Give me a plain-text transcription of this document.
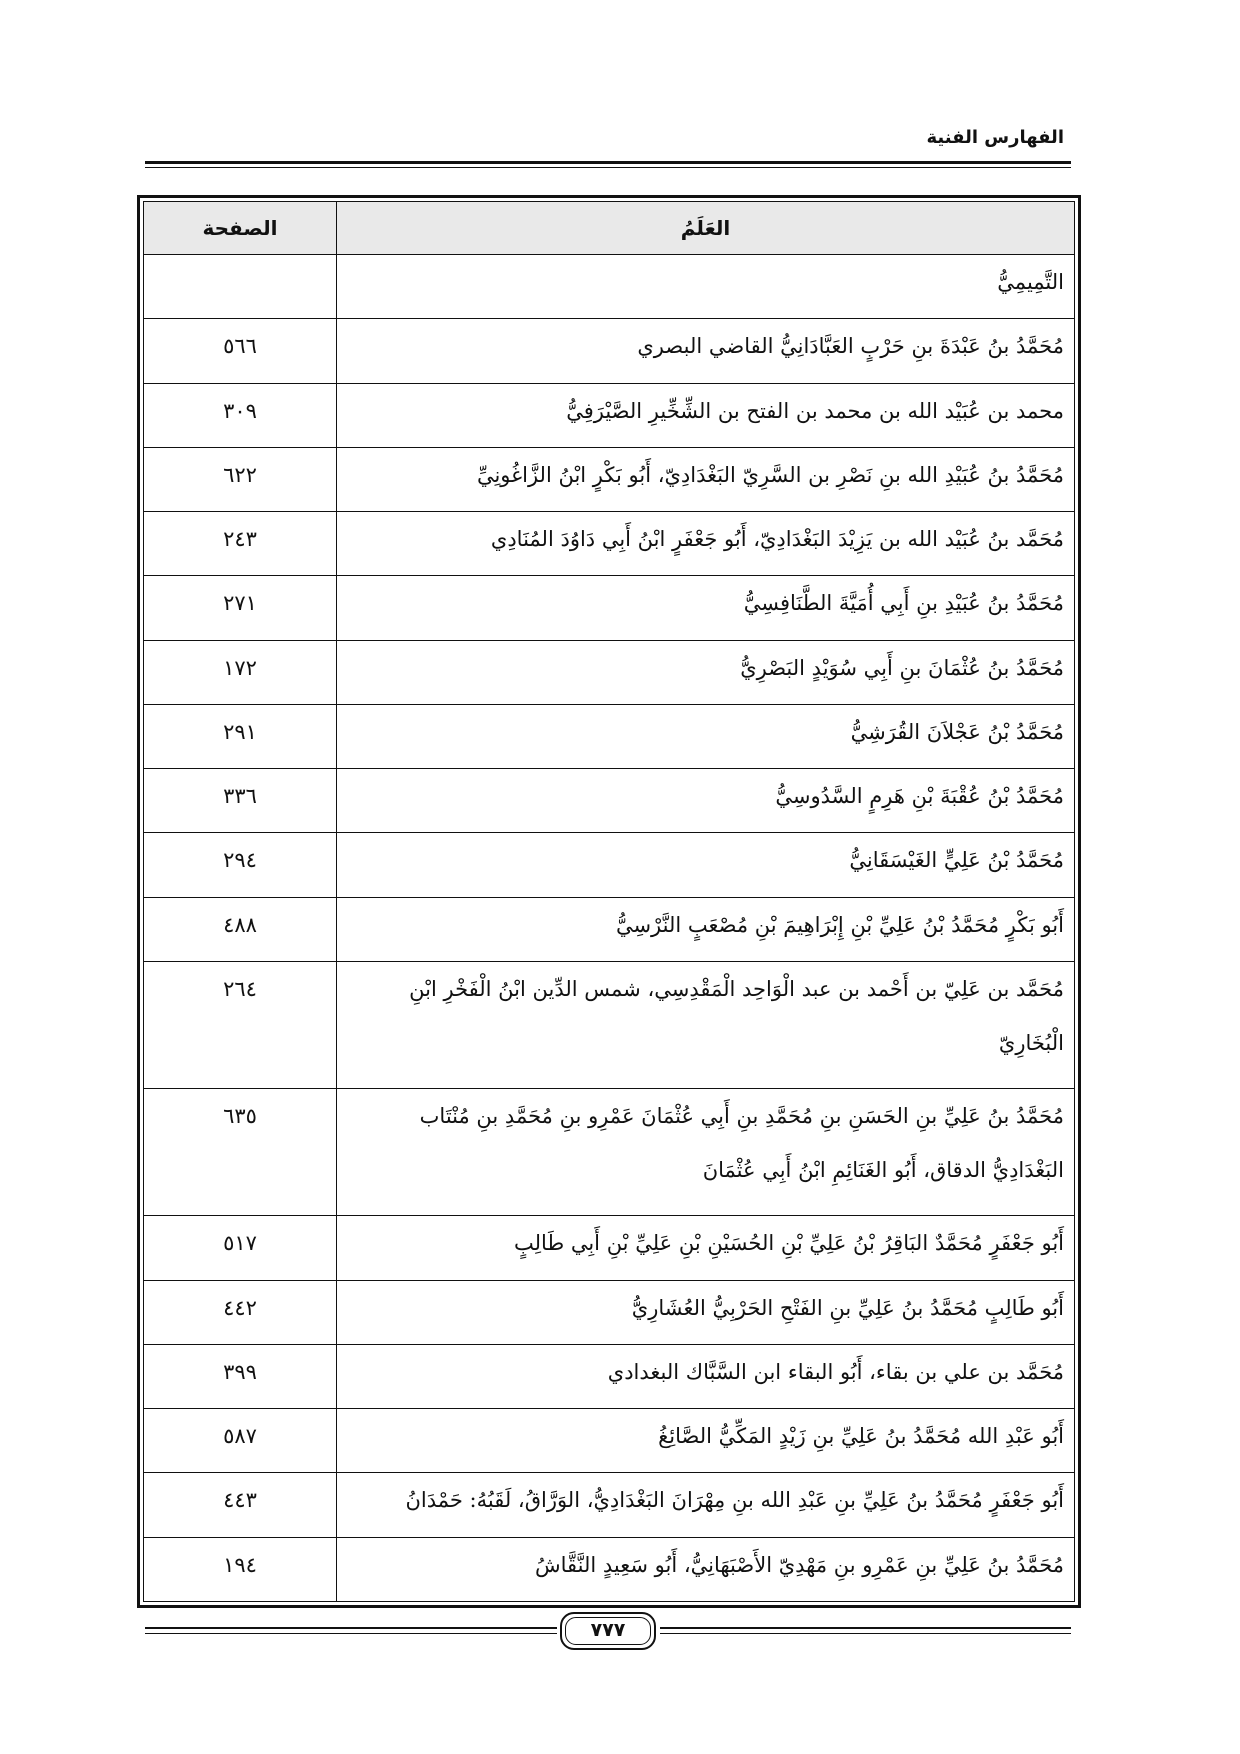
الفهارس الفنية
العَلَمُ	الصفحة
التَّمِيمِيُّ	
مُحَمَّدُ بنُ عَبْدَةَ بنِ حَرْبٍ العَبَّادَانِيُّ القاضي البصري	٥٦٦
محمد بن عُبَيْد الله بن محمد بن الفتح بن الشِّخِّيرِ الصَّيْرَفِيُّ	٣٠٩
مُحَمَّدُ بنُ عُبَيْدِ الله بنِ نَصْرِ بن السَّرِيّ البَغْدَادِيّ، أَبُو بَكْرٍ ابْنُ الزَّاغُونِيِّ	٦٢٢
مُحَمَّد بنُ عُبَيْد الله بن يَزِيْدَ البَغْدَادِيّ، أَبُو جَعْفَرٍ ابْنُ أَبِي دَاوُدَ المُنَادِي	٢٤٣
مُحَمَّدُ بنُ عُبَيْدِ بنِ أَبِي أُمَيَّةَ الطَّنَافِسِيُّ	٢٧١
مُحَمَّدُ بنُ عُثْمَانَ بنِ أَبِي سُوَيْدٍ البَصْرِيُّ	١٧٢
مُحَمَّدُ بْنُ عَجْلاَنَ القُرَشِيُّ	٢٩١
مُحَمَّدُ بْنُ عُقْبَةَ بْنِ هَرِمٍ السَّدُوسِيُّ	٣٣٦
مُحَمَّدُ بْنُ عَلِيٍّ الغَيْسَقَانِيُّ	٢٩٤
أَبُو بَكْرٍ مُحَمَّدُ بْنُ عَلِيِّ بْنِ إِبْرَاهِيمَ بْنِ مُصْعَبٍ النَّرْسِيُّ	٤٨٨
مُحَمَّد بن عَلِيّ بن أَحْمد بن عبد الْوَاحِد الْمَقْدِسِي، شمس الدِّين ابْنُ الْفَخْرِ ابْنِ الْبُخَارِيّ	٢٦٤
مُحَمَّدُ بنُ عَلِيِّ بنِ الحَسَنِ بنِ مُحَمَّدِ بنِ أَبِي عُثْمَانَ عَمْرِو بنِ مُحَمَّدِ بنِ مُنْتَاب البَغْدَادِيُّ الدقاق، أَبُو الغَنَائِمِ ابْنُ أَبِي عُثْمَانَ	٦٣٥
أَبُو جَعْفَرٍ مُحَمَّدٌ البَاقِرُ بْنُ عَلِيِّ بْنِ الحُسَيْنِ بْنِ عَلِيِّ بْنِ أَبِي طَالِبٍ	٥١٧
أَبُو طَالِبٍ مُحَمَّدُ بنُ عَلِيِّ بنِ الفَتْحِ الحَرْبِيُّ العُشَارِيُّ	٤٤٢
مُحَمَّد بن علي بن بقاء، أَبُو البقاء ابن السَّبَّاك البغدادي	٣٩٩
أَبُو عَبْدِ الله مُحَمَّدُ بنُ عَلِيِّ بنِ زَيْدٍ المَكِّيُّ الصَّائِغُ	٥٨٧
أَبُو جَعْفَرٍ مُحَمَّدُ بنُ عَلِيِّ بنِ عَبْدِ الله بنِ مِهْرَانَ البَغْدَادِيُّ، الوَرَّاقُ، لَقَبُهُ: حَمْدَانُ	٤٤٣
مُحَمَّدُ بنُ عَلِيِّ بنِ عَمْرِو بنِ مَهْدِيّ الأَصْبَهَانِيُّ، أَبُو سَعِيدٍ النَّقَّاشُ	١٩٤
٧٧٧
